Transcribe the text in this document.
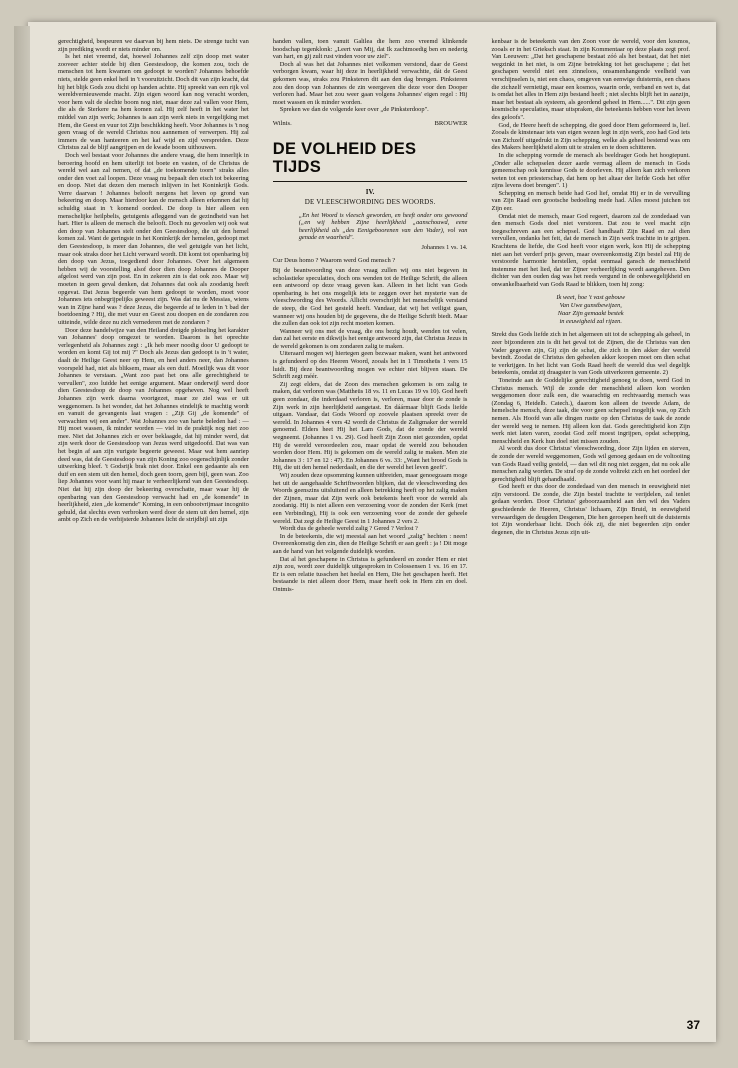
gerechtigheid, bespeuren we daarvan bij hem niets. De strenge tucht van zijn prediking wordt er niets minder om.

Is het niet vreemd, dat, hoewel Johannes zelf zijn doop met water zooveer achter stelde bij dien Geestesdoop, die komen zou, toch de menschen tot hem kwamen om gedoopt te worden? Johannes behoefde niets, stelde geen enkel heil in 't vooruitzicht. Doch dit van zijn kracht, dat hij het blijk Gods zou dichi op handen achtte. Hij spreekt van een rijk vol wereldvernieuwende macht. Zijn eigen woord kan nog veracht worden, voor hem valt de slechte boom nog niet, maar deze zal vallen voor Hem, die als de Sterkere na hem komen zal. Hij zelf heeft in het water het middel van zijn werk; Johannes is aan zijn werk niets in vergelijking met Hem, die Geest en vuur tot Zijn beschikking heeft. Voor Johannes is 't nog geen vraag of de wereld Christus nou aannemen of verwerpen. Hij zal immers de wan hanteeren en het kaf wijd en zijd verspreiden. Deze Christus zal de blijf aangrijpen en de kwade boom uithouwen.

Doch wel bestaat voor Johannes die andere vraag, die hem innerlijk in beroering hoofd en hem uiterlijt tot boete en vasten, of de Christus de wereld wel aan zal nemen, of dat „de toekomende toorn" straks alles onder den voet zal loopen. Deze vraag nu bepaalt den eisch tot bekeering en doop. Niet dat dezen den mensch inlijven in het Koninkrijk Gods. Verre daarvan ! Johannes belooft nergens het leven op grond van bekeering en doop. Maar hierdoor kan de mensch alleen erkennen dat hij schuldig staat in 't komend oordeel. De doop is hier alleen een menschelijke heilpbelis, getuigenis afleggend van de gezindheid van het hart. Hier is alleen de mensch die belooft. Doch nu gevoelen wij ook wat den doop van Johannes stelt onder den Geestesdoop, die uit den hemel komen zal. Want de geringste in het Koninkrijk der hemelen, gedoopt met den Geestesdoop, is meer dan Johannes, die wel getuigde van het licht, maar ook straks door het Licht verward wordt. Dit komt tot openbaring bij den doop van Jezus, toegediend door Johannes. Over het algemeen hebben wij de voorstelling alsof door dien doop Johannes de Dooper afgelost werd van zijn post. En in zekeren zin is dat ook zoo. Maar wij moeten in geen geval denken, dat Johannes dat ook als zoodanig heeft opgevat. Dat Jezus begeerde van hem gedoopt te worden, moet voor Johannes iets onbegrijpelijks geweest zijn. Was dat nu de Messias, wiens wan in Zijne hand was ? deze Jezus, die begeerde af te leden in 't bad der boetdoening ? Hij, die met vuur en Geest zou doopen en de zondaren zou uitteinde, wilde deze nu zich vernederen met de zondaren ?

Door deze handelwijze van den Heiland dreigde plotseling het karakter van Johannes' doop omgezet te worden. Daarom is het oprechte verlegenheid als Johannes zegt : „Ik heb meer noodig door U gedoopt te worden en komt Gij tot mij ?" Doch als Jezus dan gedoopt is in 't water, daalt de Heilige Geest neer op Hem, en heel anders neer, dan Johannes voorspeld had, niet als bliksem, maar als een duif. Moeilijk was dit voor Johannes te verstaan. „Want zoo past het ons alle gerechtigheid te vervullen", zoo luidde het eenige argument. Maar onderwijl werd door dien Geestesdoop de doop van Johannes opgeheven. Nog wel heeft Johannes zijn werk daarna voortgezet, maar ze ziel was er uit weggenomen. Is het wonder, dat het Johannes eindelijk te machtig wordt en vanuit de gevangenis laat vragen : „Zijt Gij „de komende" of verwachten wij een ander". Wat Johannes zoo van harte beleden had : — Hij moet wassen, ik minder worden — viel in de praktijk nog niet zoo mee. Niet dat Johannes zich er over beklaagde, dat hij minder werd, dat zijn werk door de Geestesdoop van Jezus werd uitgedoofd. Dat was van het begin af aan zijn vurigste begeerte geweest. Maar wat hem aanriep deed was, dat de Geestesdoop van zijn Koning zoo oogenschijnlijk zonder uitwerking bleef. 't Godsrijk brak niet door. Enkel een gedaante als een duif en een stem uit den hemel, doch geen toorn, geen bijl, geen wan. Zoo liep Johannes voor want hij maar te verheerlijkend van den Geestesdoop. Niet dat hij zijn doop der bekeering overschatte, maar waar hij de openbaring van den Geestesdoop verwacht had en „de komende" in heerlijkheid, zien „de komende" Koming, in een onbootvrijmaar incognito gehuld, dat slechts even verbroken werd door de stem uit den hemel, zijn ambt op Zich en de verbijsterde Johannes licht de strijdbijl uit zijn

handen vallen, toen vanuit Galilea die hem zoo vreemd klinkende boodschap tegenklonk: „Leert van Mij, dat Ik zachtmoedig ben en nederig van hart, en gij zult rust vinden voor uw ziel".

Doch al was het dat Johannes niet volkomen verstond, daar de Geest verborgen kwam, waar hij deze in heerlijkheid verwachtte, dát de Geest gekomen was, straks zou Pinksteren dit aan den dag brengen. Pinksteren zou den doop van Johannes de zin weergeven die deze voor den Dooper verloren had. Maar het zou weer gaan volgens Johannes' eigen regel : Hij moet wassen en ik minder worden.

Spreken we dan de volgende keer over „de Pinksterdoop".

Wilnis.	BROUWER
DE VOLHEID DES TIJDS
IV.
DE VLEESCHWORDING DES WOORDS.

„En het Woord is vleesch geworden, en heeft onder ons gewoond („en wij hebben Zijne heerlijkheid „aanschouwd, eene heerlijkheid als „des Eenigeboorenen van den Vader), vol van genade en waarheid".

Johannes 1 vs. 14.

Cur Deus homo ? Waarom werd God mensch ?

Bij de beantwoording van deze vraag zullen wij ons niet begeven in scholastieke speculaties, doch ons wenden tot de Heilige Schrift, die alleen een antwoord op deze vraag geven kan. Alleen in het licht van Gods openbaring is het ons mogelijk iets te zeggen over het mysterie van de vleeschwording des Woords. Allicht overschrijdt het menschelijk verstand de steep, die God het gesteld heeft. Vandaar, dat wij het veiligst gaan, wanneer wij ons houden bij de gegevens, die de Heilige Schrift biedt. Maar die zullen dan ook tot zijn recht moeten komen.

Wanneer wij ons met de vraag, die ons bezig houdt, wenden tot velen, dan zal het eerste en dikwijls het eenige antwoord zijn, dat Christus Jezus in de wereld gekomen is om zondaren zalig te maken.

Uiteraard mogen wij hiertegen geen bezwaar maken, want het antwoord is gefundeerd op des Heeren Woord, zooals het in 1 Timotheüs 1 vers 15 luidt. Bij deze beantwoording mogen we echter niet blijven staan. De Schrift zegt méér.

Zij zegt elders, dat de Zoon des menschen gekomen is om zalig te maken, dat verloren was (Mattheüs 18 vs. 11 en Lucas 19 vs 10). God heeft geen zondaar, die inderdaad verloren is, verloren, maar door de zonde is Zijn werk in zijn heerlijkheid aangetast. En dáármaar blijft Gods liefde uitgaan. Vandaar, dat Gods Woord op zoovele plaatsen spreekt over de wereld. In Johannes 4 vers 42 wordt de Christus de Zaligmaker der wereld genoemd. Elders heet Hij het Lam Gods, dat de zonde der wereld wegneemt. (Johannes 1 vs. 29). God heeft Zijn Zoon niet gezonden, opdat Hij de wereld veroordeelen zou, maar opdat de wereld zou behouden worden door Hem. Hij is gekomen om de wereld zalig te maken. Men zie Johannes 3 : 17 en 12 : 47). En Johannes 6 vs. 33: „Want het brood Gods is Hij, die uit den hemel nederdaalt, en die der wereld het leven geeft".

Wij zouden deze opsomming kunnen uitbreiden, maar genoegzaam moge het uit de aangehaalde Schriftwoorden blijken, dat de vleeschwording des Woords geenszins uitsluitend en alleen betrekking heeft op het zalig maken der Zijnen, maar dat Zijn werk ook betekenis heeft voor de wereld als zoodanig. Hij is niet alleen een verzoening voor de zonden der Kerk (met een Verbinding), Hij is ook een verzoening voor de zonde der geheele wereld. Dat zegt de Heilige Geest in 1 Johannes 2 vers 2.

Wordt dus de geheele wereld zalig ? Gered ? Verlost ?

In de beteekenis, die wij meestal aan het woord „zalig" hechten : neen! Overeenkomstig den zin, dien de Heilige Schrift er aan geeft : ja ! Dit moge aan de hand van het volgende duidelijk worden.

Dat al het geschapene in Christus is gefundeerd en zonder Hem er niet zijn zou, wordt zeer duidelijk uitgesproken in Colossensen 1 vs. 16 en 17. Er is een relatie tusschen het heelal en Hem, Die het geschapen heeft. Het bestaande is niet alleen door Hem, maar heeft ook in Hem zin en doel. Ontmis-

kenbaar is de beteekenis van den Zoon voor de wereld, voor den kosmos, zooals er in het Grieksch staat. In zijn Kommentaar op deze plaats zegt prof. Van Leeuwen: „Dat het geschapene bestaat zóó als het bestaat, dat het niet wegzinkt in het niet, is om Zijne betrekking tot het geschapene ; dat het geschapen wereld niet een zinneloos, onsamenhangende veelheid van verschijnselen is, niet een chaos, omgeven van eenwige duisternis, een chaos die zichzelf vernietigt, maar een kosmos, waarin orde, verband en wet is, dat is omdat het alles in Hem zijn bestand heeft ; niet slechts blijft het in aanzijn, maar het bestaat als systeem, als geordend geheel in Hem......". Dit zijn geen kosmische speculaties, maar uitspraken, die beteekenis hebben voor het leven des geloofs".

God, de Heere heeft de schepping, die goed door Hem geformeerd is, lief. Zooals de kinstenaar iets van eigen wezen legt in zijn werk, zoo had God iets van Zichzelf uitgedrukt in Zijn schepping, welke als geheel bestemd was om des Makers heerlijkheid alom uit te stralen en te doen schitteren.

In die schepping vormde de mensch als beeldrager Gods het hoogtepunt. „Onder alle schepselen dezer aarde vermag alleen de mensch in Gods gemeenschap ook kennisse Gods te doorleven. Hij alleen kan zich verkoren weten tot een priesterschap, dat hem op het altaar der liefde Gods het offer zijns levens doet brengen". 1)

Schepping en mensch beide had God lief, omdat Hij er in de vervulling van Zijn Raad een grootsche bedoeling mede had. Alles moest juichen tot Zijn eer.

Omdat niet de mensch, maar God regeert, daarom zal de zondedaad van den mensch Gods doel niet verstoren. Dat zou te veel macht zijn toegeschreven aan een schepsel. God handhaaft Zijn Raad en zal dien vervullen, ondanks het feit, dat de mensch in Zijn werk trachtte in te grijpen. Krachtens de liefde, die God heeft voor eigen werk, kon Hij de schepping niet aan het verderf prijs geven, maar overeenkomstig Zijn bestel zal Hij de verstoorde harmonie herstellen, opdat eenmaal gansch de menschheid instemme met het lied, dat ter Zijner verheerlijking wordt aangeheven. Den dichter van den ouden dag was het reeds vergund in de onbewegelijkheid en onwankelbaarheid van Gods Raad te blikken, toen hij zong:

Ik weet, hoe 't vast gebouw
Van Uwe gunstbewijzen,
Naar Zijn gemaakt bestek
in eeuwigheid zal rijzen.

Strekt dus Gods liefde zich in het algemeen uit tot de schepping als geheel, in zeer bijzonderen zin is dit het geval tot de Zijnen, die de Christus van den Vader gegeven zijn, Gij zijn de schat, die zich in den akker der wereld bevindt. Zoodat de Christus den geheelen akker koopen moet om dien schat te verkrijgen. In het licht van Gods Raad heeft de wereld dus wel degelijk beteekenis, omdat zij draagster is van Gods uitverkoren gemeente. 2)

Toneinde aan de Goddelijke gerechtigheid genoeg te doen, werd God in Christus mensch. Wijl de zonde der menschheid alleen kon worden weggenomen door zulk een, die waarachtig en rechtvaardig mensch was (Zondag 6, Heidelb. Catech.), daarom kon alleen de tweede Adam, de hemelsche mensch, deze taak, die voor geen schepsel mogelijk was, op Zich nemen. Als Hoofd van alle dingen rustte op den Christus de taak de zonde der wereld weg te nemen. Hij alleen kon dat. Gods gerechtigheid kon Zijn werk niet laten varen, zoodat God zelf moest ingrijpen, opdat schepping, menschheid en Kerk hun doel niet missen zouden.

Al wordt dus door Christus' vleeschwording, door Zijn lijden en sterven, de zonde der wereld weggenomen, Gods wil genoeg gedaan en de voltooiing van Gods Raad veilig gesteld, — dan wil dit nog niet zeggen, dat nu ook alle menschen zalig worden. De straf op de zonde voltrekt zich en het oordeel der gerechtigheid blijft gehandhaafd.

God heeft er dus door de zondedaad van den mensch in eeuwigheid niet zijn verstoord. De zonde, die Zijn bestel trachtte te verijdelen, zal tenlet gedaan worden. Door Christus' geboorzaamheid aan den wil des Vaders geschiedende de Heeren, Christus' lichaam, Zijn Bruid, in eeuwigheid verwaardigen de deugden Desgenen, Die hen geroepen heeft uit de duisternis tot Zijn wonderbaar licht. Doch óók zij, die niet begeerden zijn onder degenen, die in Christus Jezus zijn uit-

37
